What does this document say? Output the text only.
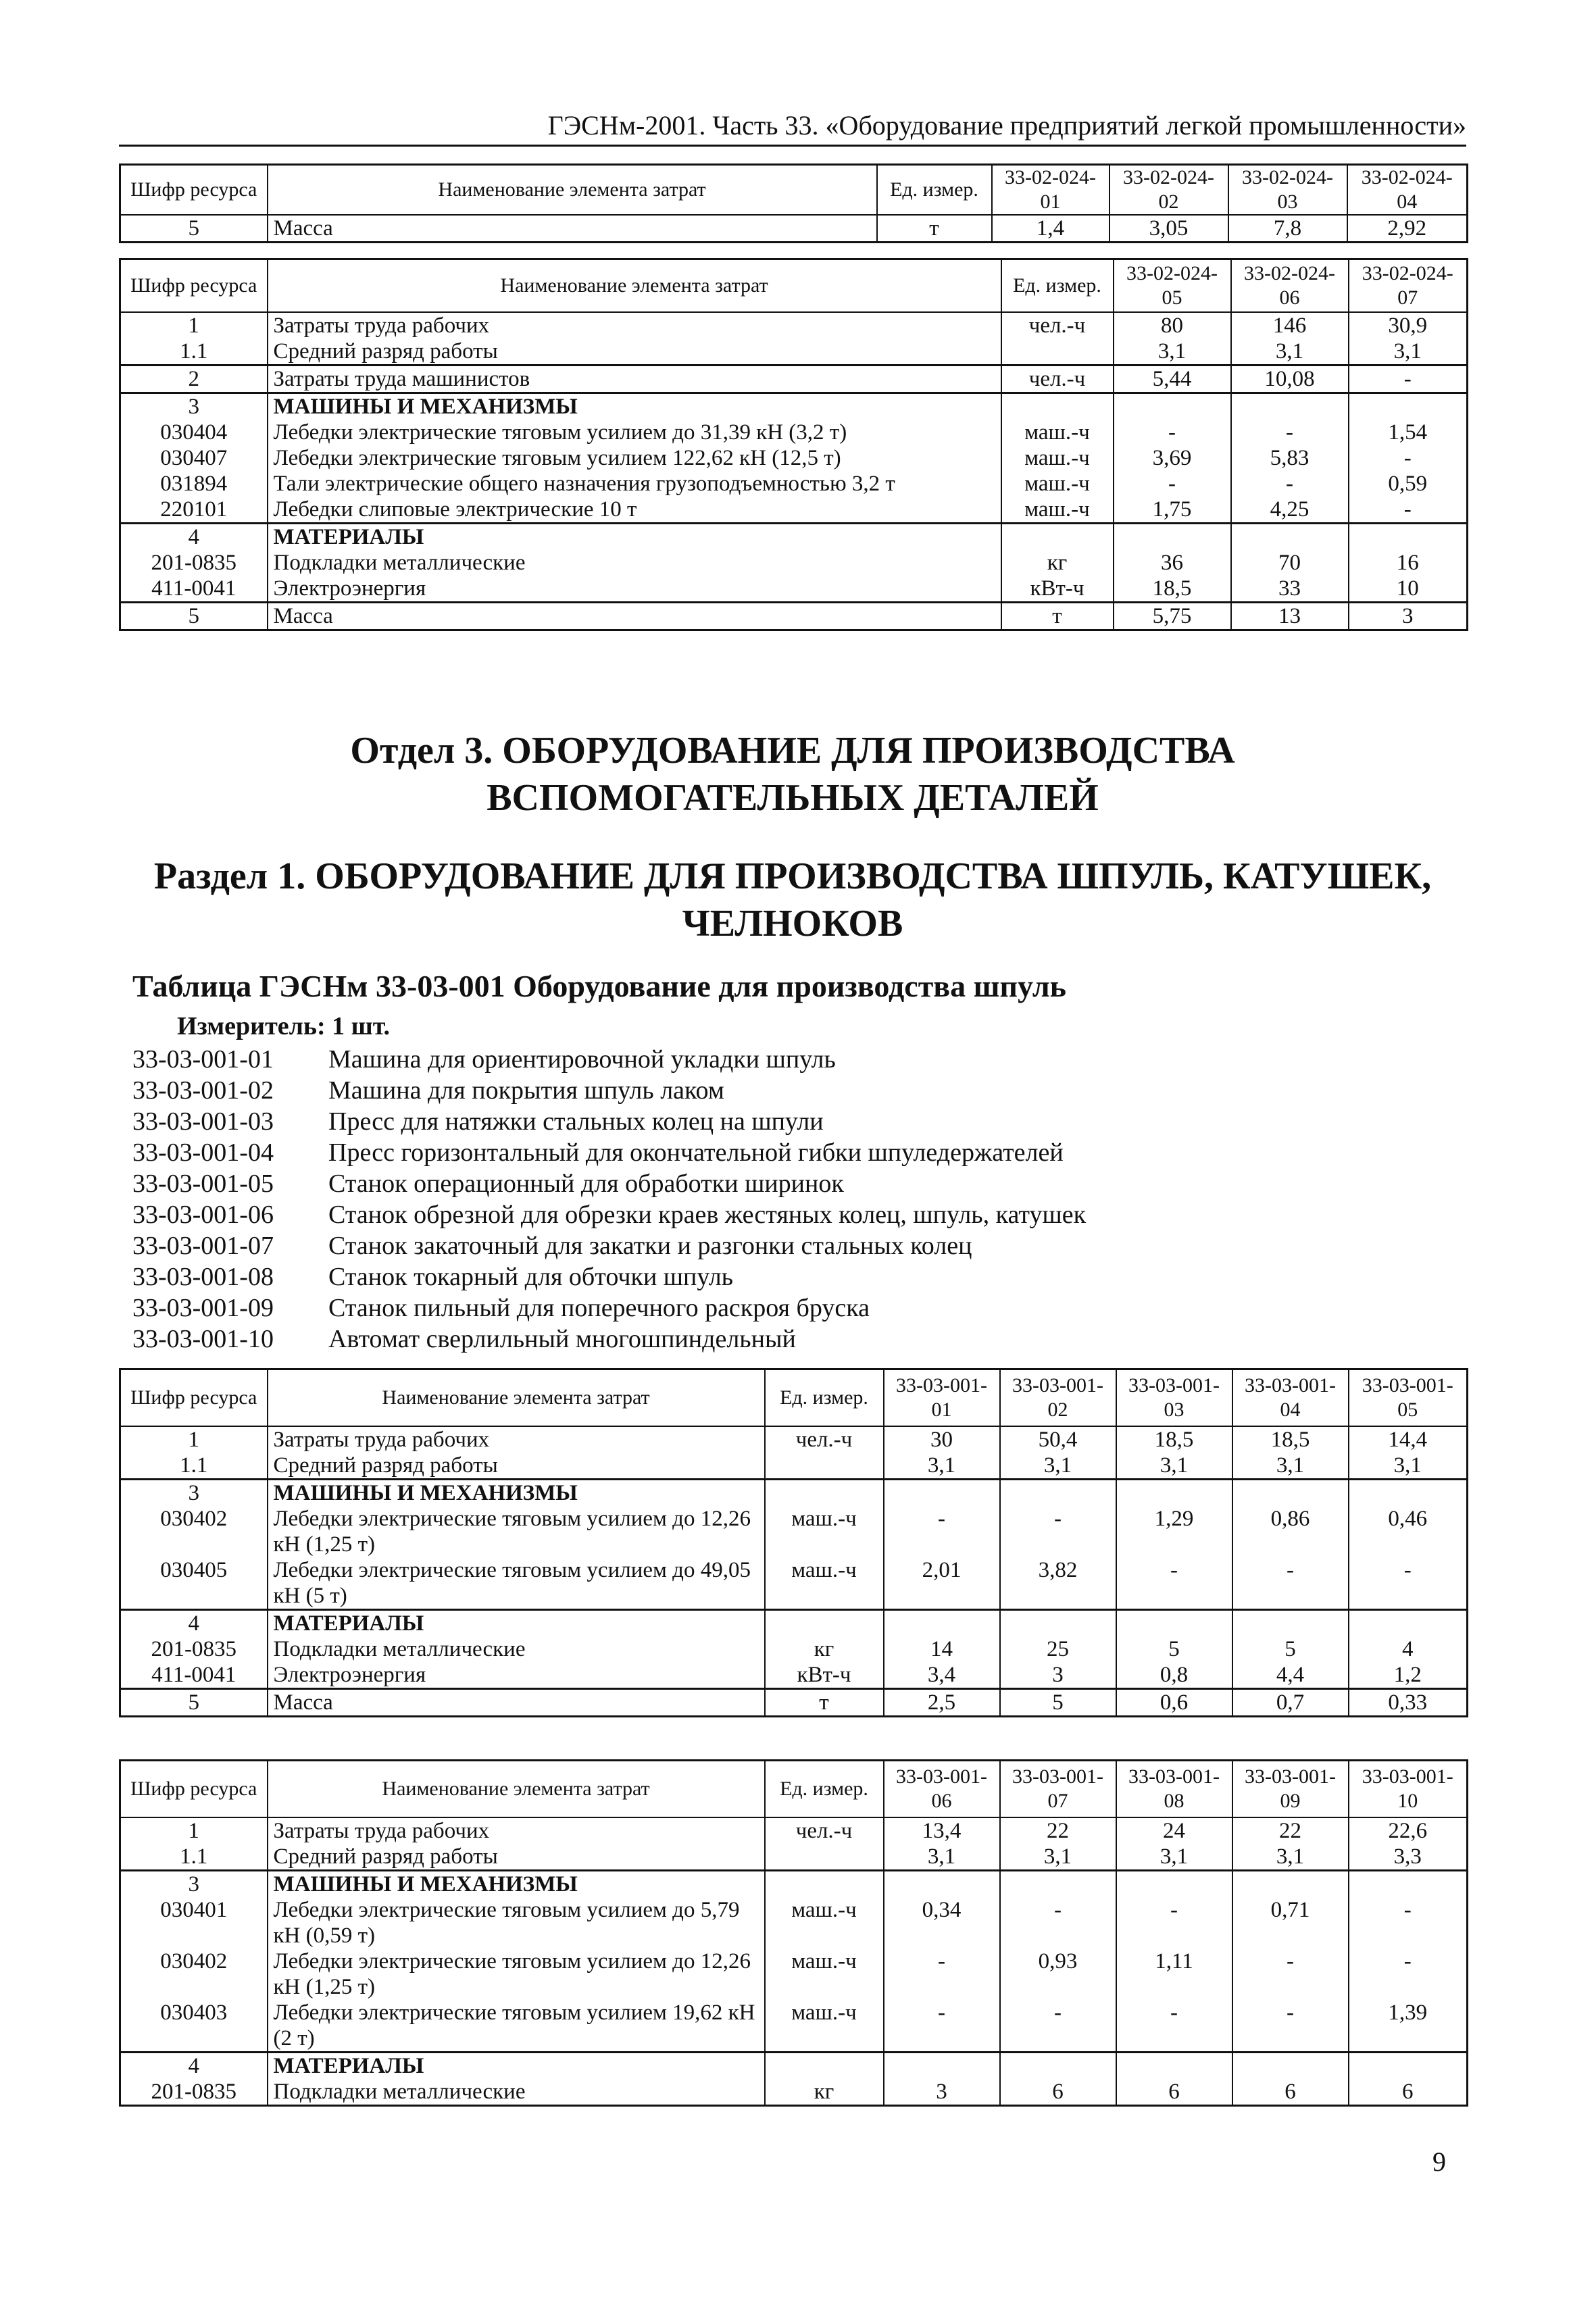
ГЭСНм-2001. Часть 33. «Оборудование предприятий легкой промышленности»
Шифр ресурса	Наименование элемента затрат	Ед. измер.	33-02-024-01	33-02-024-02	33-02-024-03	33-02-024-04
5	Масса	т	1,4	3,05	7,8	2,92
Шифр ресурса	Наименование элемента затрат	Ед. измер.	33-02-024-05	33-02-024-06	33-02-024-07
1	Затраты труда рабочих	чел.-ч	80	146	30,9
1.1	Средний разряд работы		3,1	3,1	3,1
2	Затраты труда машинистов	чел.-ч	5,44	10,08	-
3	МАШИНЫ И МЕХАНИЗМЫ				
030404	Лебедки электрические тяговым усилием до 31,39 кН (3,2 т)	маш.-ч	-	-	1,54
030407	Лебедки электрические тяговым усилием 122,62 кН (12,5 т)	маш.-ч	3,69	5,83	-
031894	Тали электрические общего назначения грузоподъемностью 3,2 т	маш.-ч	-	-	0,59
220101	Лебедки слиповые электрические 10 т	маш.-ч	1,75	4,25	-
4	МАТЕРИАЛЫ				
201-0835	Подкладки металлические	кг	36	70	16
411-0041	Электроэнергия	кВт-ч	18,5	33	10
5	Масса	т	5,75	13	3
Отдел 3. ОБОРУДОВАНИЕ ДЛЯ ПРОИЗВОДСТВА
ВСПОМОГАТЕЛЬНЫХ ДЕТАЛЕЙ
Раздел 1. ОБОРУДОВАНИЕ ДЛЯ ПРОИЗВОДСТВА ШПУЛЬ, КАТУШЕК,
ЧЕЛНОКОВ
Таблица ГЭСНм 33-03-001 Оборудование для производства шпуль
Измеритель: 1 шт.
33-03-001-01	Машина для ориентировочной укладки шпуль
33-03-001-02	Машина для покрытия шпуль лаком
33-03-001-03	Пресс для натяжки стальных колец на шпули
33-03-001-04	Пресс горизонтальный для окончательной гибки шпуледержателей
33-03-001-05	Станок операционный для обработки ширинок
33-03-001-06	Станок обрезной для обрезки краев жестяных колец, шпуль, катушек
33-03-001-07	Станок закаточный для закатки и разгонки стальных колец
33-03-001-08	Станок токарный для обточки шпуль
33-03-001-09	Станок пильный для поперечного раскроя бруска
33-03-001-10	Автомат сверлильный многошпиндельный
Шифр ресурса	Наименование элемента затрат	Ед. измер.	33-03-001-01	33-03-001-02	33-03-001-03	33-03-001-04	33-03-001-05
1	Затраты труда рабочих	чел.-ч	30	50,4	18,5	18,5	14,4
1.1	Средний разряд работы		3,1	3,1	3,1	3,1	3,1
3	МАШИНЫ И МЕХАНИЗМЫ						
030402	Лебедки электрические тяговым усилием до 12,26 кН (1,25 т)	маш.-ч	-	-	1,29	0,86	0,46
030405	Лебедки электрические тяговым усилием до 49,05 кН (5 т)	маш.-ч	2,01	3,82	-	-	-
4	МАТЕРИАЛЫ						
201-0835	Подкладки металлические	кг	14	25	5	5	4
411-0041	Электроэнергия	кВт-ч	3,4	3	0,8	4,4	1,2
5	Масса	т	2,5	5	0,6	0,7	0,33
Шифр ресурса	Наименование элемента затрат	Ед. измер.	33-03-001-06	33-03-001-07	33-03-001-08	33-03-001-09	33-03-001-10
1	Затраты труда рабочих	чел.-ч	13,4	22	24	22	22,6
1.1	Средний разряд работы		3,1	3,1	3,1	3,1	3,3
3	МАШИНЫ И МЕХАНИЗМЫ						
030401	Лебедки электрические тяговым усилием до 5,79 кН (0,59 т)	маш.-ч	0,34	-	-	0,71	-
030402	Лебедки электрические тяговым усилием до 12,26 кН (1,25 т)	маш.-ч	-	0,93	1,11	-	-
030403	Лебедки электрические тяговым усилием 19,62 кН (2 т)	маш.-ч	-	-	-	-	1,39
4	МАТЕРИАЛЫ						
201-0835	Подкладки металлические	кг	3	6	6	6	6
9
